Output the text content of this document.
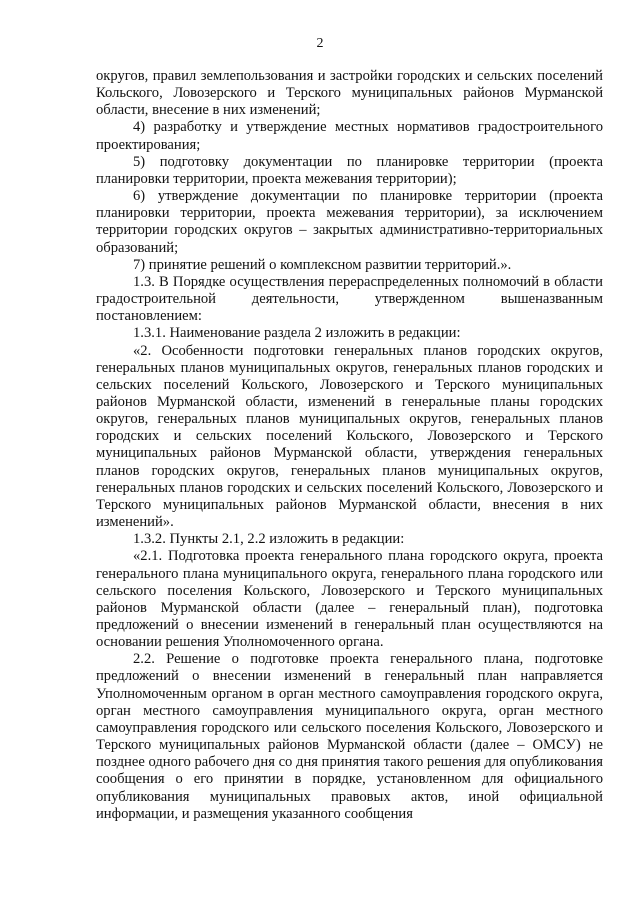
2

округов, правил землепользования и застройки городских и сельских поселений Кольского, Ловозерского и Терского муниципальных районов Мурманской области, внесение в них изменений;

4) разработку и утверждение местных нормативов градостроительного проектирования;

5) подготовку документации по планировке территории (проекта планировки территории, проекта межевания территории);

6) утверждение документации по планировке территории (проекта планировки территории, проекта межевания территории), за исключением территории городских округов – закрытых административно-территориальных образований;

7) принятие решений о комплексном развитии территорий.».

1.3. В Порядке осуществления перераспределенных полномочий в области градостроительной деятельности, утвержденном вышеназванным постановлением:

1.3.1. Наименование раздела 2 изложить в редакции:

«2. Особенности подготовки генеральных планов городских округов, генеральных планов муниципальных округов, генеральных планов городских и сельских поселений Кольского, Ловозерского и Терского муниципальных районов Мурманской области, изменений в генеральные планы городских округов, генеральных планов муниципальных округов, генеральных планов городских и сельских поселений Кольского, Ловозерского и Терского муниципальных районов Мурманской области, утверждения генеральных планов городских округов, генеральных планов муниципальных округов, генеральных планов городских и сельских поселений Кольского, Ловозерского и Терского муниципальных районов Мурманской области, внесения в них изменений».

1.3.2. Пункты 2.1, 2.2 изложить в редакции:

«2.1. Подготовка проекта генерального плана городского округа, проекта генерального плана муниципального округа, генерального плана городского или сельского поселения Кольского, Ловозерского и Терского муниципальных районов Мурманской области (далее – генеральный план), подготовка предложений о внесении изменений в генеральный план осуществляются на основании решения Уполномоченного органа.

2.2. Решение о подготовке проекта генерального плана, подготовке предложений о внесении изменений в генеральный план направляется Уполномоченным органом в орган местного самоуправления городского округа, орган местного самоуправления муниципального округа, орган местного самоуправления городского или сельского поселения Кольского, Ловозерского и Терского муниципальных районов Мурманской области (далее – ОМСУ) не позднее одного рабочего дня со дня принятия такого решения для опубликования сообщения о его принятии в порядке, установленном для официального опубликования муниципальных правовых актов, иной официальной информации, и размещения указанного сообщения
